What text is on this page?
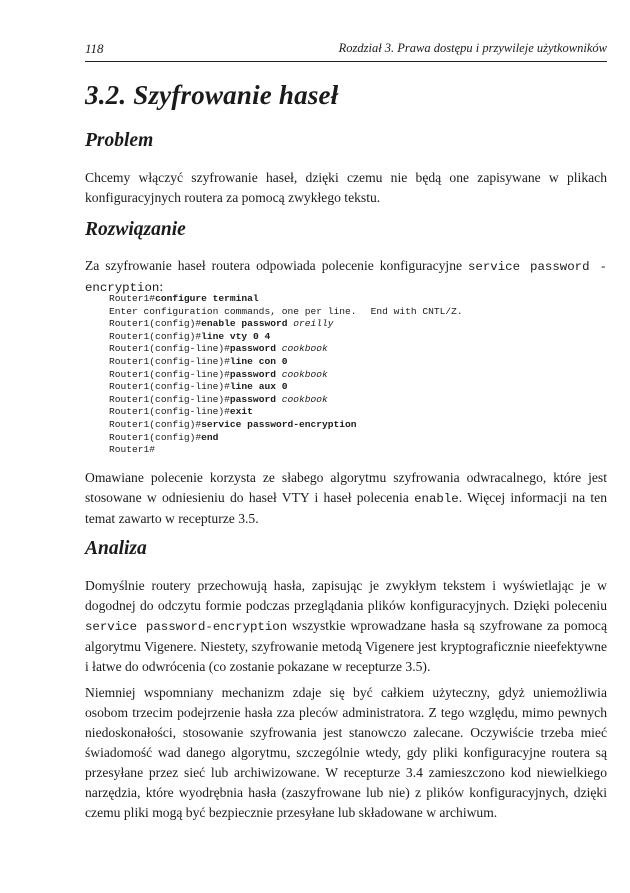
118	Rozdział 3. Prawa dostępu i przywileje użytkowników
3.2. Szyfrowanie haseł
Problem

Chcemy włączyć szyfrowanie haseł, dzięki czemu nie będą one zapisywane w plikach konfiguracyjnych routera za pomocą zwykłego tekstu.

Rozwiązanie

Za szyfrowanie haseł routera odpowiada polecenie konfiguracyjne service password -encryption:

Router1#configure terminal
Enter configuration commands, one per line. End with CNTL/Z.
Router1(config)#enable password oreilly
Router1(config)#line vty 0 4
Router1(config-line)#password cookbook
Router1(config-line)#line con 0
Router1(config-line)#password cookbook
Router1(config-line)#line aux 0
Router1(config-line)#password cookbook
Router1(config-line)#exit
Router1(config)#service password-encryption
Router1(config)#end
Router1#

Omawiane polecenie korzysta ze słabego algorytmu szyfrowania odwracalnego, które jest stosowane w odniesieniu do haseł VTY i haseł polecenia enable. Więcej informacji na ten temat zawarto w recepturze 3.5.

Analiza

Domyślnie routery przechowują hasła, zapisując je zwykłym tekstem i wyświetlając je w dogodnej do odczytu formie podczas przeglądania plików konfiguracyjnych. Dzięki poleceniu service password-encryption wszystkie wprowadzane hasła są szyfrowane za pomocą algorytmu Vigenere. Niestety, szyfrowanie metodą Vigenere jest kryptograficznie nieefektywne i łatwe do odwrócenia (co zostanie pokazane w recepturze 3.5).

Niemniej wspomniany mechanizm zdaje się być całkiem użyteczny, gdyż uniemożliwia osobom trzecim podejrzenie hasła zza pleców administratora. Z tego względu, mimo pewnych niedoskonałości, stosowanie szyfrowania jest stanowczo zalecane. Oczywiście trzeba mieć świadomość wad danego algorytmu, szczególnie wtedy, gdy pliki konfiguracyjne routera są przesyłane przez sieć lub archiwizowane. W recepturze 3.4 zamieszczono kod niewielkiego narzędzia, które wyodrębnia hasła (zaszyfrowane lub nie) z plików konfiguracyjnych, dzięki czemu pliki mogą być bezpiecznie przesyłane lub składowane w archiwum.
